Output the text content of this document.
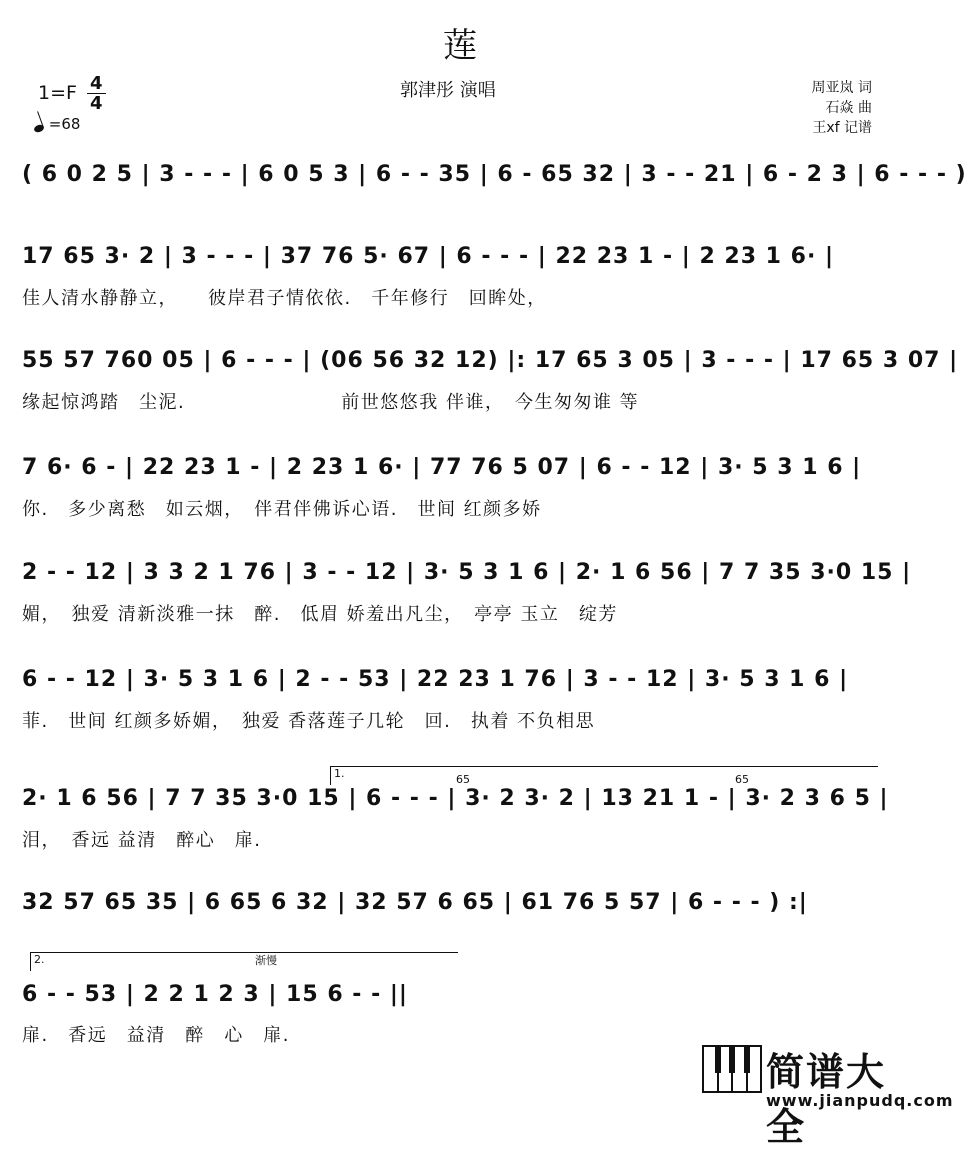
莲
$1=F \frac{4}{4}$
=68
郭津彤 演唱	周亚岚 词
石焱 曲
王xf 记谱
( 6 0 2 5 | 3 - - - | 6 0 5 3 | 6 - - 35 | 6 - 65 32 | 3 - - 21 | 6 - 2 3 | 6 - - - )
17 65 3· 2 | 3 - - - | 37 76 5· 67 | 6 - - - | 22 23 1 - | 2 23 1 6· |
佳人清水静静立，　　彼岸君子情依依.　千年修行　回眸处，
55 57 760 05 | 6 - - - | (06 56 32 12) |: 17 65 3 05 | 3 - - - | 17 65 3 07 |
缘起惊鸿踏　尘泥.　　　　　　　　前世悠悠我 伴谁，　今生匆匆谁 等
7 6· 6 - | 22 23 1 - | 2 23 1 6· | 77 76 5 07 | 6 - - 12 | 3· 5 3 1 6 |
你.　多少离愁　如云烟，　伴君伴佛诉心语.　世间 红颜多娇
2 - - 12 | 3 3 2 1 76 | 3 - - 12 | 3· 5 3 1 6 | 2· 1 6 56 | 7 7 35 3·0 15 |
媚，　独爱 清新淡雅一抹　醉.　低眉 娇羞出凡尘，　亭亭 玉立　绽芳
6 - - 12 | 3· 5 3 1 6 | 2 - - 53 | 22 23 1 76 | 3 - - 12 | 3· 5 3 1 6 |
菲.　世间 红颜多娇媚，　独爱 香落莲子几轮　回.　执着 不负相思
1.	65	65
2· 1 6 56 | 7 7 35 3·0 15 | 6 - - - | 3· 2 3· 2 | 13 21 1 - | 3· 2 3 6 5 |
泪，　香远 益清　醉心　扉.
32 57 65 35 | 6 65 6 32 | 32 57 6 65 | 61 76 5 57 | 6 - - - ) :|
2.	渐慢
6 - - 53 | 2 2 1 2 3 | 15 6 - - ||
扉.　香远　益清　醉　心　扉.
简谱大全
www.jianpudq.com
